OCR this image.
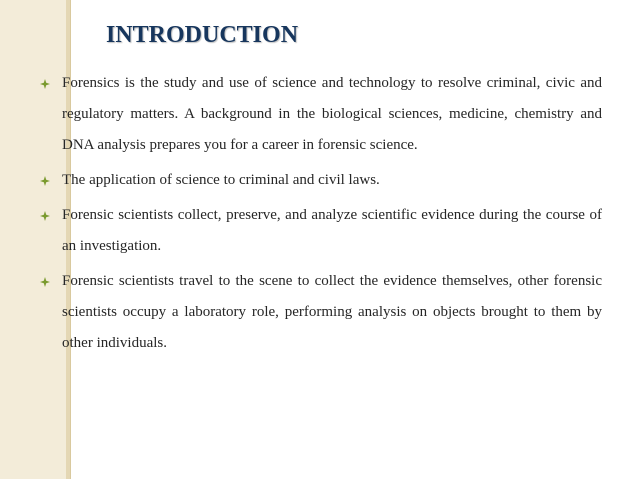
INTRODUCTION
Forensics is the study and use of science and technology to resolve criminal, civic and regulatory matters. A background in the biological sciences, medicine, chemistry and DNA analysis prepares you for a career in forensic science.
The application of science to criminal and civil laws.
Forensic scientists collect, preserve, and analyze scientific evidence during the course of an investigation.
Forensic scientists travel to the scene to collect the evidence themselves, other forensic scientists occupy a laboratory role, performing analysis on objects brought to them by other individuals.
